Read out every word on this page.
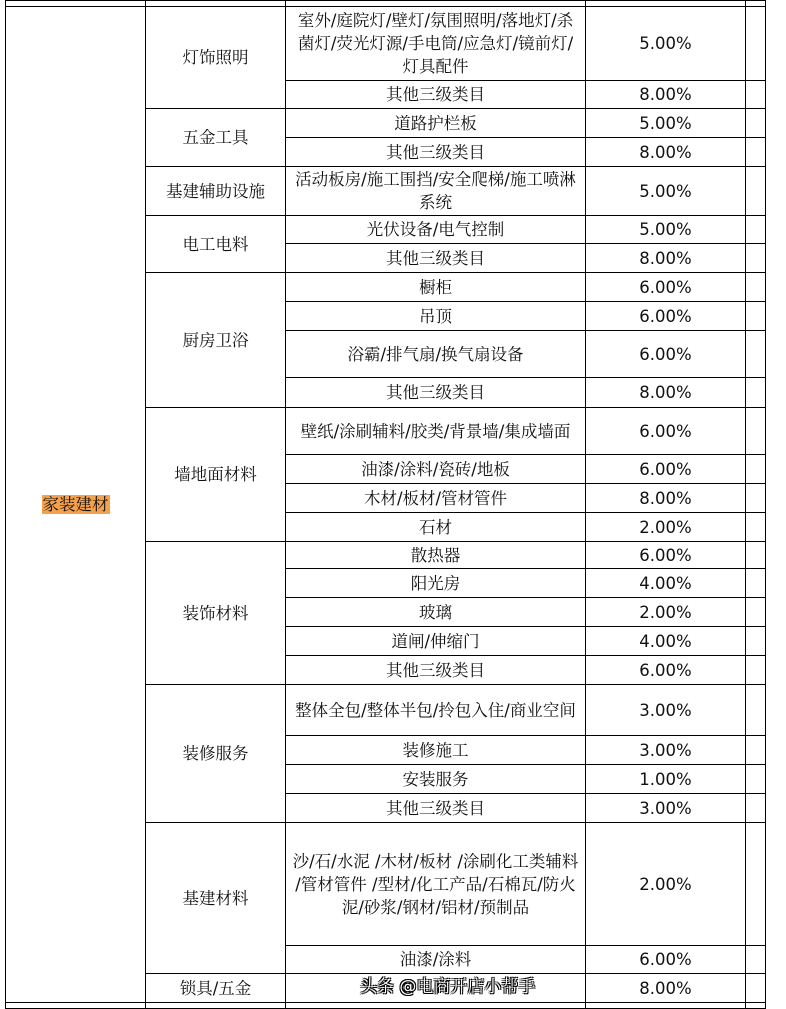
家装建材	灯饰照明	室外/庭院灯/壁灯/氛围照明/落地灯/杀菌灯/荧光灯源/手电筒/应急灯/镜前灯/灯具配件	5.00%	
		其他三级类目	8.00%	
	五金工具	道路护栏板	5.00%	
		其他三级类目	8.00%	
	基建辅助设施	活动板房/施工围挡/安全爬梯/施工喷淋系统	5.00%	
	电工电料	光伏设备/电气控制	5.00%	
		其他三级类目	8.00%	
	厨房卫浴	橱柜	6.00%	
		吊顶	6.00%	
		浴霸/排气扇/换气扇设备	6.00%	
		其他三级类目	8.00%	
	墙地面材料	壁纸/涂刷辅料/胶类/背景墙/集成墙面	6.00%	
		油漆/涂料/瓷砖/地板	6.00%	
		木材/板材/管材管件	8.00%	
		石材	2.00%	
	装饰材料	散热器	6.00%	
		阳光房	4.00%	
		玻璃	2.00%	
		道闸/伸缩门	4.00%	
		其他三级类目	6.00%	
	装修服务	整体全包/整体半包/拎包入住/商业空间	3.00%	
		装修施工	3.00%	
		安装服务	1.00%	
		其他三级类目	3.00%	
	基建材料	沙/石/水泥 /木材/板材 /涂刷化工类辅料 /管材管件 /型材/化工产品/石棉瓦/防火泥/砂浆/钢材/铝材/预制品	2.00%	
		油漆/涂料	6.00%	
	锁具/五金		8.00%	

头条 @电商开店小帮手
